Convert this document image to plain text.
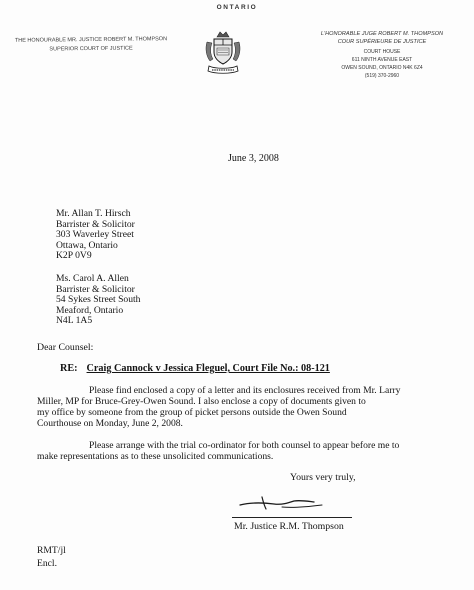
ONTARIO
THE HONOURABLE MR. JUSTICE ROBERT M. THOMPSON
SUPERIOR COURT OF JUSTICE
L'HONORABLE JUGE ROBERT M. THOMPSON
COUR SUPÉRIEURE DE JUSTICE
COURT HOUSE
611 NINTH AVENUE EAST
OWEN SOUND, ONTARIO N4K 6Z4
(519) 370-2960
June 3, 2008
Mr. Allan T. Hirsch
Barrister & Solicitor
303 Waverley Street
Ottawa, Ontario
K2P 0V9
Ms. Carol A. Allen
Barrister & Solicitor
54 Sykes Street South
Meaford, Ontario
N4L 1A5
Dear Counsel:
RE: Craig Cannock v Jessica Fleguel, Court File No.: 08-121
Please find enclosed a copy of a letter and its enclosures received from Mr. Larry
Miller, MP for Bruce-Grey-Owen Sound. I also enclose a copy of documents given to
my office by someone from the group of picket persons outside the Owen Sound
Courthouse on Monday, June 2, 2008.
Please arrange with the trial co-ordinator for both counsel to appear before me to
make representations as to these unsolicited communications.
Yours very truly,
Mr. Justice R.M. Thompson
RMT/jl
Encl.
